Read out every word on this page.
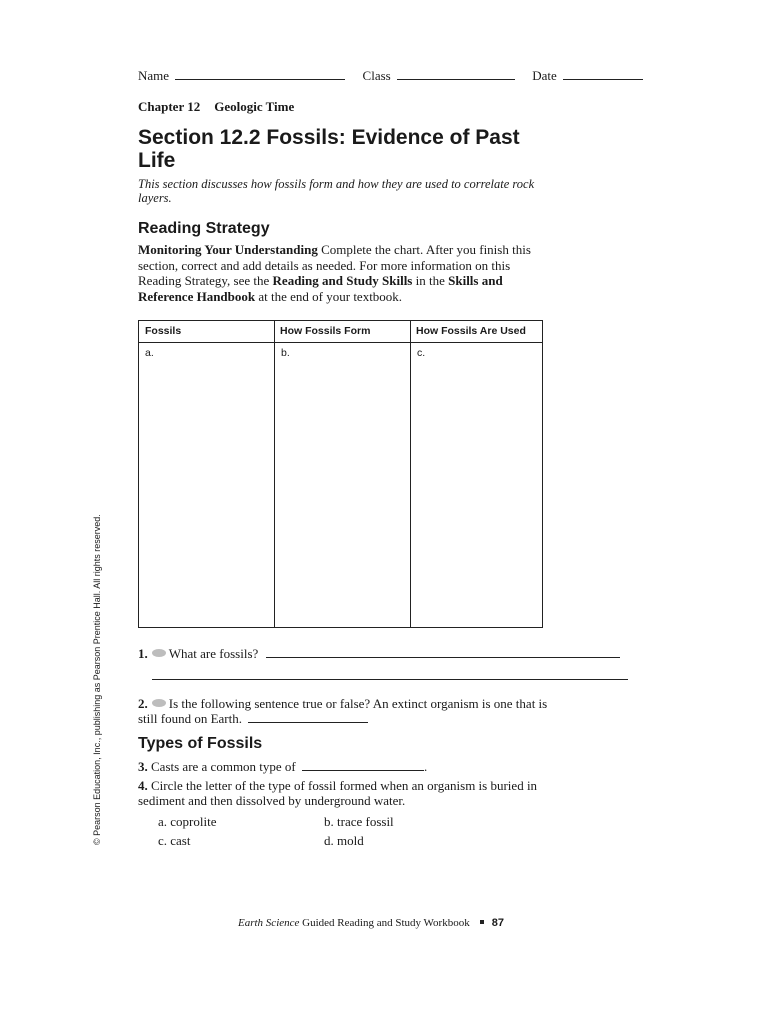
Name	Class	Date
Chapter 12 Geologic Time
Section 12.2 Fossils: Evidence of Past Life
This section discusses how fossils form and how they are used to correlate rock layers.
Reading Strategy
Monitoring Your Understanding Complete the chart. After you finish this section, correct and add details as needed. For more information on this Reading Strategy, see the Reading and Study Skills in the Skills and Reference Handbook at the end of your textbook.
Fossils	How Fossils Form	How Fossils Are Used
a.	b.	c.
1. What are fossils?
2. Is the following sentence true or false? An extinct organism is one that is still found on Earth.
Types of Fossils
3. Casts are a common type of	.
4. Circle the letter of the type of fossil formed when an organism is buried in sediment and then dissolved by underground water.
a. coprolite	b. trace fossil
c. cast	d. mold
© Pearson Education, Inc., publishing as Pearson Prentice Hall. All rights reserved.
Earth Science Guided Reading and Study Workbook 87
